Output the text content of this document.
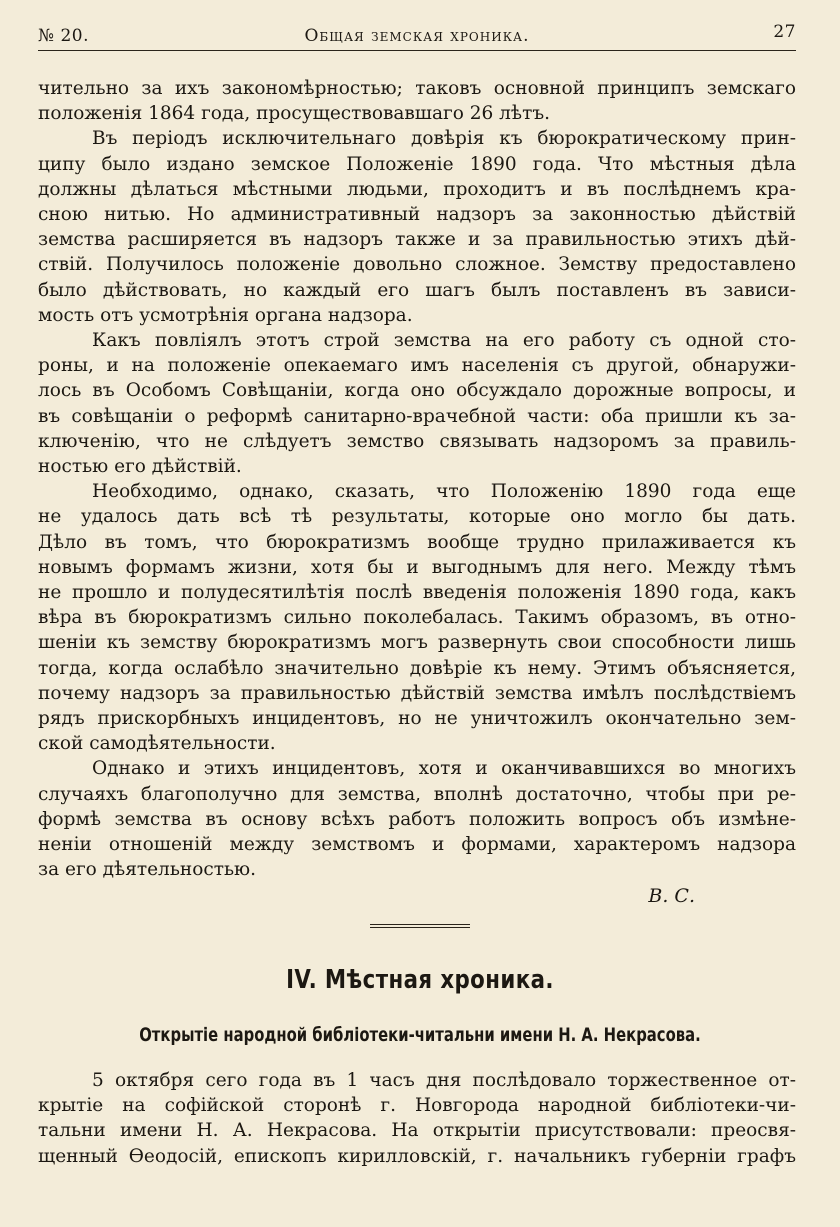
№ 20.	Общая земская хроника.	27
чительно за ихъ закономѣрностью; таковъ основной принципъ земскаго
положенія 1864 года, просуществовавшаго 26 лѣтъ.
Въ періодъ исключительнаго довѣрія къ бюрократическому прин-
ципу было издано земское Положеніе 1890 года. Что мѣстныя дѣла
должны дѣлаться мѣстными людьми, проходитъ и въ послѣднемъ кра-
сною нитью. Но административный надзоръ за законностью дѣйствій
земства расширяется въ надзоръ также и за правильностью этихъ дѣй-
ствій. Получилось положеніе довольно сложное. Земству предоставлено
было дѣйствовать, но каждый его шагъ былъ поставленъ въ зависи-
мость отъ усмотрѣнія органа надзора.
Какъ повліялъ этотъ строй земства на его работу съ одной сто-
роны, и на положеніе опекаемаго имъ населенія съ другой, обнаружи-
лось въ Особомъ Совѣщаніи, когда оно обсуждало дорожные вопросы, и
въ совѣщаніи о реформѣ санитарно-врачебной части: оба пришли къ за-
ключенію, что не слѣдуетъ земство связывать надзоромъ за правиль-
ностью его дѣйствій.
Необходимо, однако, сказать, что Положенію 1890 года еще
не удалось дать всѣ тѣ результаты, которые оно могло бы дать.
Дѣло въ томъ, что бюрократизмъ вообще трудно прилаживается къ
новымъ формамъ жизни, хотя бы и выгоднымъ для него. Между тѣмъ
не прошло и полудесятилѣтія послѣ введенія положенія 1890 года, какъ
вѣра въ бюрократизмъ сильно поколебалась. Такимъ образомъ, въ отно-
шеніи къ земству бюрократизмъ могъ развернуть свои способности лишь
тогда, когда ослабѣло значительно довѣріе къ нему. Этимъ объясняется,
почему надзоръ за правильностью дѣйствій земства имѣлъ послѣдствіемъ
рядъ прискорбныхъ инцидентовъ, но не уничтожилъ окончательно зем-
ской самодѣятельности.
Однако и этихъ инцидентовъ, хотя и оканчивавшихся во многихъ
случаяхъ благополучно для земства, вполнѣ достаточно, чтобы при ре-
формѣ земства въ основу всѣхъ работъ положить вопросъ объ измѣне-
неніи отношеній между земствомъ и формами, характеромъ надзора
за его дѣятельностью.
В. С.
IV. Мѣстная хроника.
Открытіе народной библіотеки-читальни имени Н. А. Некрасова.
5 октября сего года въ 1 часъ дня послѣдовало торжественное от-
крытіе на софійской сторонѣ г. Новгорода народной библіотеки-чи-
тальни имени Н. А. Некрасова. На открытіи присутствовали: преосвя-
щенный Ѳеодосій, епископъ кирилловскій, г. начальникъ губерніи графъ
